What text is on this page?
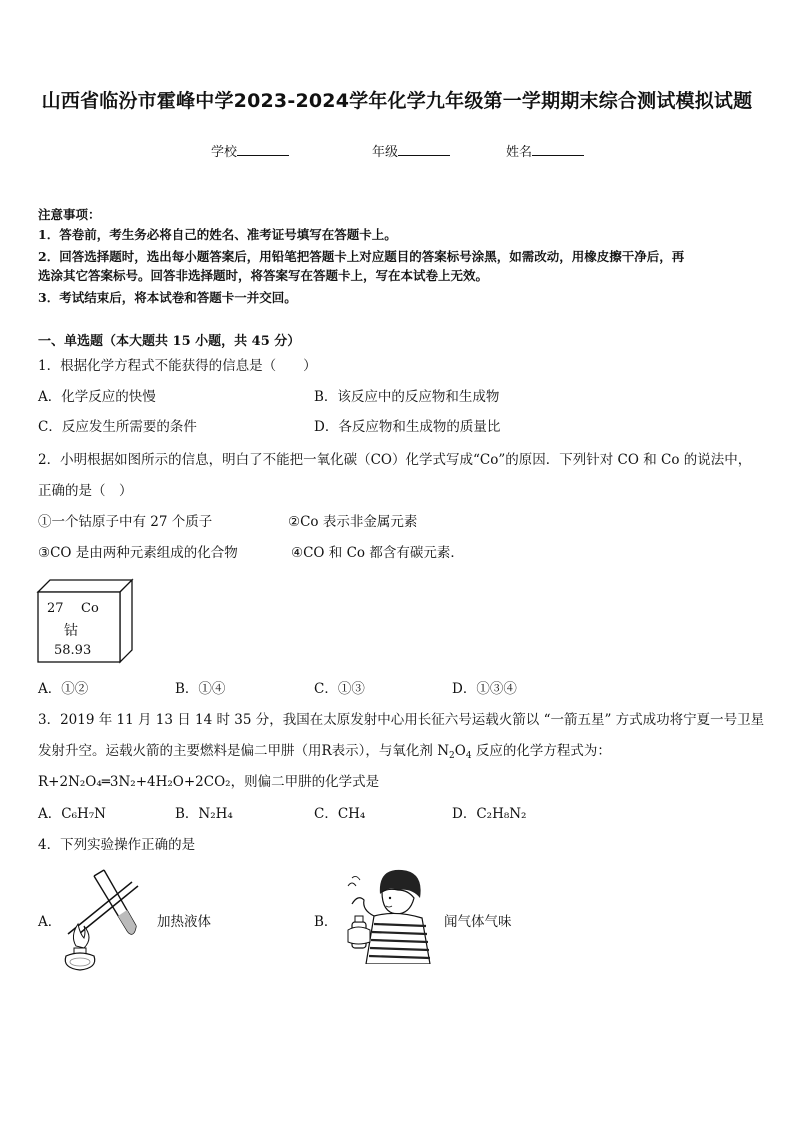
山西省临汾市霍峰中学2023-2024学年化学九年级第一学期期末综合测试模拟试题
学校	年级	姓名
注意事项：
1．答卷前，考生务必将自己的姓名、准考证号填写在答题卡上。
2．回答选择题时，选出每小题答案后，用铅笔把答题卡上对应题目的答案标号涂黑，如需改动，用橡皮擦干净后，再
选涂其它答案标号。回答非选择题时，将答案写在答题卡上，写在本试卷上无效。
3．考试结束后，将本试卷和答题卡一并交回。
一、单选题（本大题共 15 小题，共 45 分）
1．根据化学方程式不能获得的信息是（　　）
A．化学反应的快慢	B．该反应中的反应物和生成物
C．反应发生所需要的条件	D．各反应物和生成物的质量比
2．小明根据如图所示的信息，明白了不能把一氧化碳（CO）化学式写成“Co”的原因．下列针对 CO 和 Co 的说法中，
正确的是（　）
①一个钴原子中有 27 个质子	②Co 表示非金属元素
③CO 是由两种元素组成的化合物	④CO 和 Co 都含有碳元素．
27 Co
钴
58.93
A．①②	B．①④	C．①③	D．①③④
3．2019 年 11 月 13 日 14 时 35 分，我国在太原发射中心用长征六号运载火箭以 “一箭五星” 方式成功将宁夏一号卫星
发射升空。运载火箭的主要燃料是偏二甲肼（用R表示），与氧化剂 $N_2O_4$ 反应的化学方程式为：
R+2N₂O₄═3N₂+4H₂O+2CO₂，则偏二甲肼的化学式是
A．C₆H₇N	B．N₂H₄	C．CH₄	D．C₂H₈N₂
4．下列实验操作正确的是
A．	加热液体	B．	闻气体气味
